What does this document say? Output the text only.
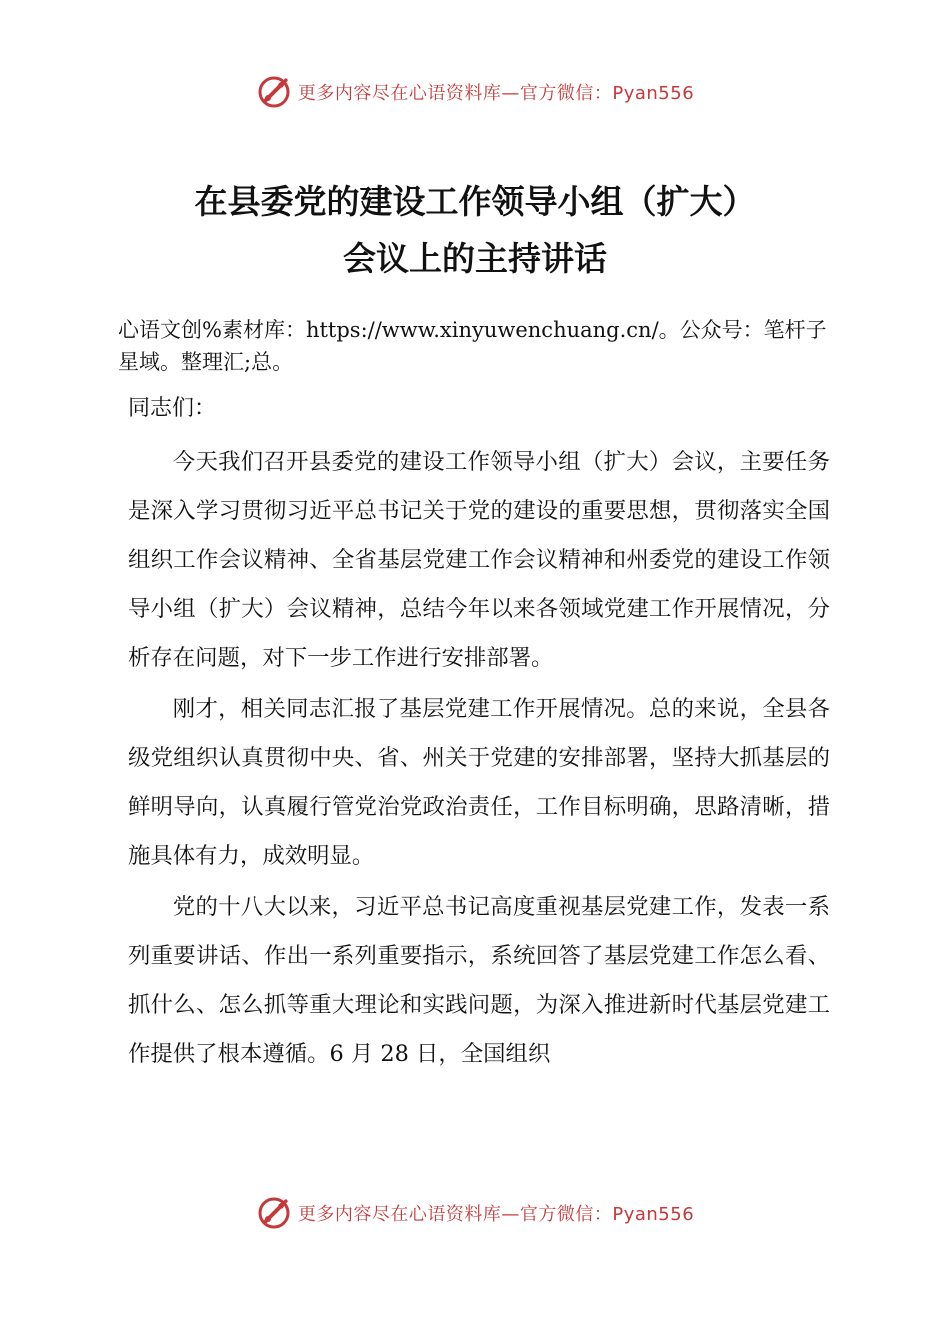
更多内容尽在心语资料库—官方微信：Pyan556
在县委党的建设工作领导小组（扩大）
会议上的主持讲话
心语文创%素材库：https://www.xinyuwenchuang.cn/。公众号：笔杆子星域。整理汇;总。
同志们：

今天我们召开县委党的建设工作领导小组（扩大）会议，主要任务是深入学习贯彻习近平总书记关于党的建设的重要思想，贯彻落实全国组织工作会议精神、全省基层党建工作会议精神和州委党的建设工作领导小组（扩大）会议精神，总结今年以来各领域党建工作开展情况，分析存在问题，对下一步工作进行安排部署。

刚才，相关同志汇报了基层党建工作开展情况。总的来说，全县各级党组织认真贯彻中央、省、州关于党建的安排部署，坚持大抓基层的鲜明导向，认真履行管党治党政治责任，工作目标明确，思路清晰，措施具体有力，成效明显。

党的十八大以来，习近平总书记高度重视基层党建工作，发表一系列重要讲话、作出一系列重要指示，系统回答了基层党建工作怎么看、抓什么、怎么抓等重大理论和实践问题，为深入推进新时代基层党建工作提供了根本遵循。6 月 28 日，全国组织

更多内容尽在心语资料库—官方微信：Pyan556
